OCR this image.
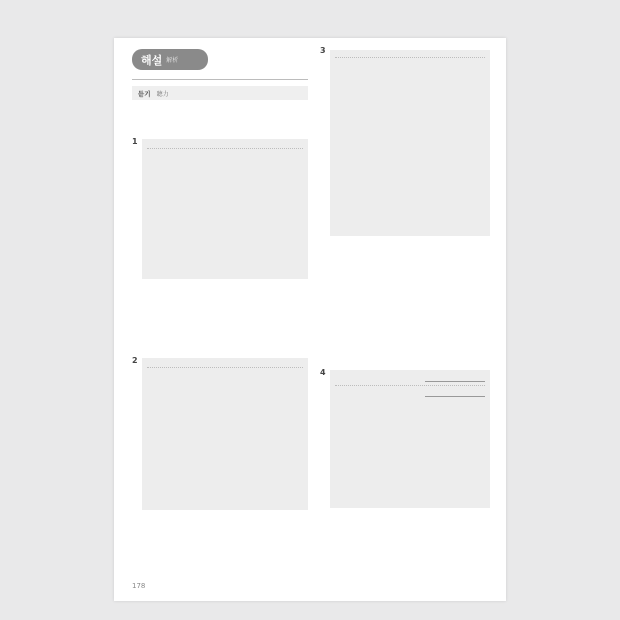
해설 解析
듣기 聽力
1
2
3
4
178
